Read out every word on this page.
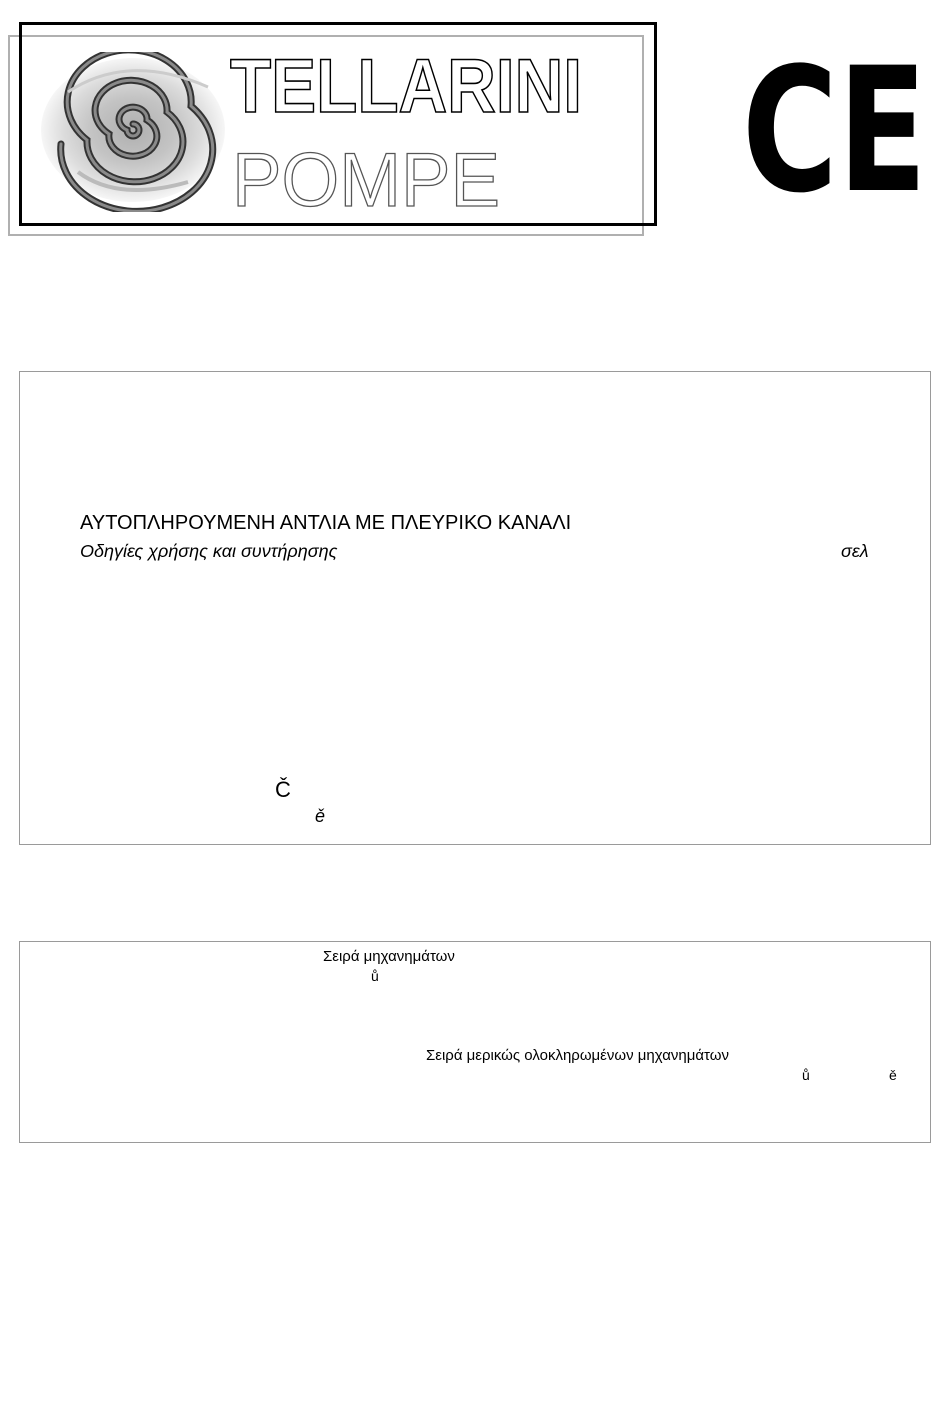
TELLARINI
POMPE CE
ΑΥΤΟΠΛΗΡΟΥΜΕΝΗ ΑΝΤΛΙΑ ΜΕ ΠΛΕΥΡΙΚΟ ΚΑΝΑΛΙ
Οδηγίες χρήσης και συντήρησης	σελ
Č
ě
Σειρά μηχανημάτων
ů
Σειρά μερικώς ολοκληρωμένων μηχανημάτων
ů	ě
